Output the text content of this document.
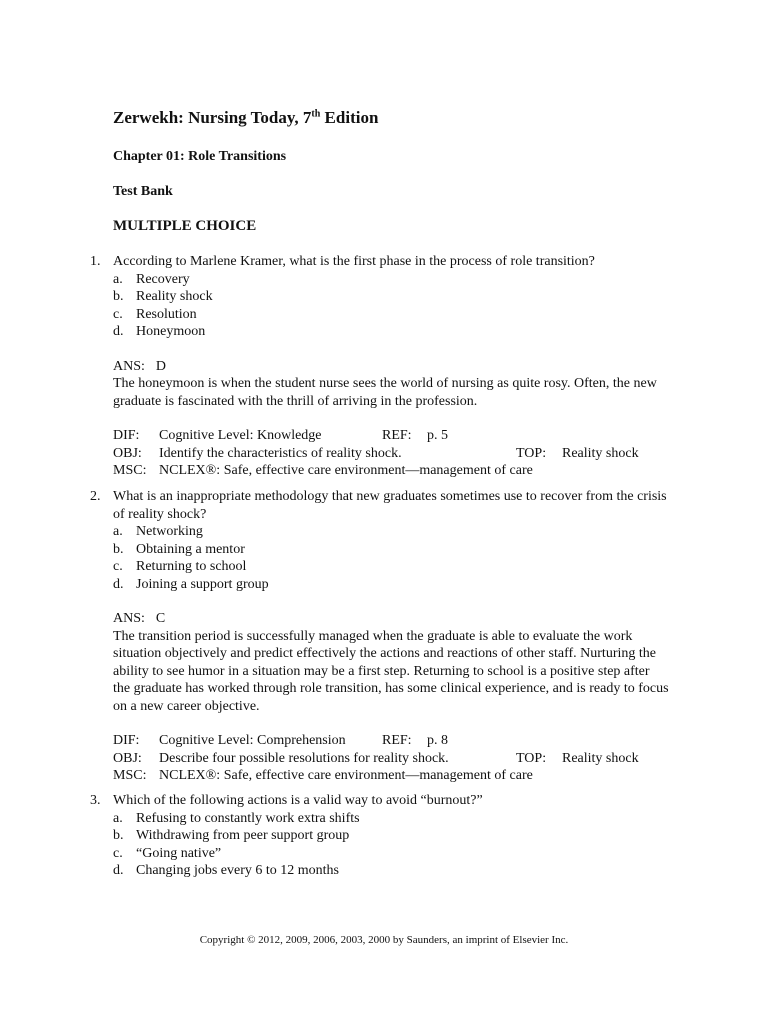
Zerwekh: Nursing Today, 7th Edition
Chapter 01: Role Transitions
Test Bank
MULTIPLE CHOICE
1. According to Marlene Kramer, what is the first phase in the process of role transition?
a. Recovery
b. Reality shock
c. Resolution
d. Honeymoon
ANS: D
The honeymoon is when the student nurse sees the world of nursing as quite rosy. Often, the new graduate is fascinated with the thrill of arriving in the profession.
DIF: Cognitive Level: Knowledge	REF: p. 5
OBJ: Identify the characteristics of reality shock.	TOP: Reality shock
MSC: NCLEX®: Safe, effective care environment—management of care
2. What is an inappropriate methodology that new graduates sometimes use to recover from the crisis of reality shock?
a. Networking
b. Obtaining a mentor
c. Returning to school
d. Joining a support group
ANS: C
The transition period is successfully managed when the graduate is able to evaluate the work situation objectively and predict effectively the actions and reactions of other staff. Nurturing the ability to see humor in a situation may be a first step. Returning to school is a positive step after the graduate has worked through role transition, has some clinical experience, and is ready to focus on a new career objective.
DIF: Cognitive Level: Comprehension	REF: p. 8
OBJ: Describe four possible resolutions for reality shock.	TOP: Reality shock
MSC: NCLEX®: Safe, effective care environment—management of care
3. Which of the following actions is a valid way to avoid “burnout?”
a. Refusing to constantly work extra shifts
b. Withdrawing from peer support group
c. “Going native”
d. Changing jobs every 6 to 12 months
Copyright © 2012, 2009, 2006, 2003, 2000 by Saunders, an imprint of Elsevier Inc.
